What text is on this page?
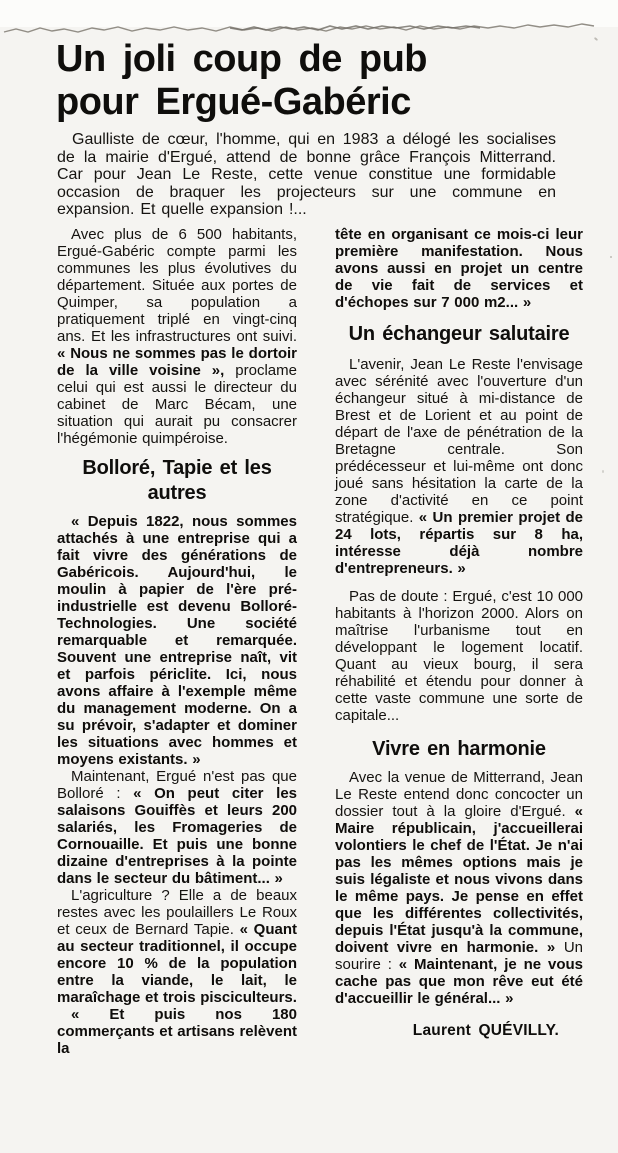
Un joli coup de pub
pour Ergué-Gabéric

Gaulliste de cœur, l'homme, qui en 1983 a délogé les socialises de la mairie d'Ergué, attend de bonne grâce François Mitterrand. Car pour Jean Le Reste, cette venue constitue une formidable occasion de braquer les projecteurs sur une commune en expansion. Et quelle expansion !...

Avec plus de 6 500 habitants, Ergué-Gabéric compte parmi les communes les plus évolutives du département. Située aux portes de Quimper, sa population a pratiquement triplé en vingt-cinq ans. Et les infrastructures ont suivi. « Nous ne sommes pas le dortoir de la ville voisine », proclame celui qui est aussi le directeur du cabinet de Marc Bécam, une situation qui aurait pu consacrer l'hégémonie quimpéroise.

Bolloré, Tapie et les autres

« Depuis 1822, nous sommes attachés à une entreprise qui a fait vivre des générations de Gabéricois. Aujourd'hui, le moulin à papier de l'ère pré-industrielle est devenu Bolloré-Technologies. Une société remarquable et remarquée. Souvent une entreprise naît, vit et parfois périclite. Ici, nous avons affaire à l'exemple même du management moderne. On a su prévoir, s'adapter et dominer les situations avec hommes et moyens existants. »

Maintenant, Ergué n'est pas que Bolloré : « On peut citer les salaisons Gouiffès et leurs 200 salariés, les Fromageries de Cornouaille. Et puis une bonne dizaine d'entreprises à la pointe dans le secteur du bâtiment... »

L'agriculture ? Elle a de beaux restes avec les poulaillers Le Roux et ceux de Bernard Tapie. « Quant au secteur traditionnel, il occupe encore 10 % de la population entre la viande, le lait, le maraîchage et trois pisciculteurs.

« Et puis nos 180 commerçants et artisans relèvent la

tête en organisant ce mois-ci leur première manifestation. Nous avons aussi en projet un centre de vie fait de services et d'échopes sur 7 000 m2... »

Un échangeur salutaire

L'avenir, Jean Le Reste l'envisage avec sérénité avec l'ouverture d'un échangeur situé à mi-distance de Brest et de Lorient et au point de départ de l'axe de pénétration de la Bretagne centrale. Son prédécesseur et lui-même ont donc joué sans hésitation la carte de la zone d'activité en ce point stratégique. « Un premier projet de 24 lots, répartis sur 8 ha, intéresse déjà nombre d'entrepreneurs. »

Pas de doute : Ergué, c'est 10 000 habitants à l'horizon 2000. Alors on maîtrise l'urbanisme tout en développant le logement locatif. Quant au vieux bourg, il sera réhabilité et étendu pour donner à cette vaste commune une sorte de capitale...

Vivre en harmonie

Avec la venue de Mitterrand, Jean Le Reste entend donc concocter un dossier tout à la gloire d'Ergué. « Maire républicain, j'accueillerai volontiers le chef de l'État. Je n'ai pas les mêmes options mais je suis légaliste et nous vivons dans le même pays. Je pense en effet que les différentes collectivités, depuis l'État jusqu'à la commune, doivent vivre en harmonie. » Un sourire : « Maintenant, je ne vous cache pas que mon rêve eut été d'accueillir le général... »

Laurent QUÉVILLY.
